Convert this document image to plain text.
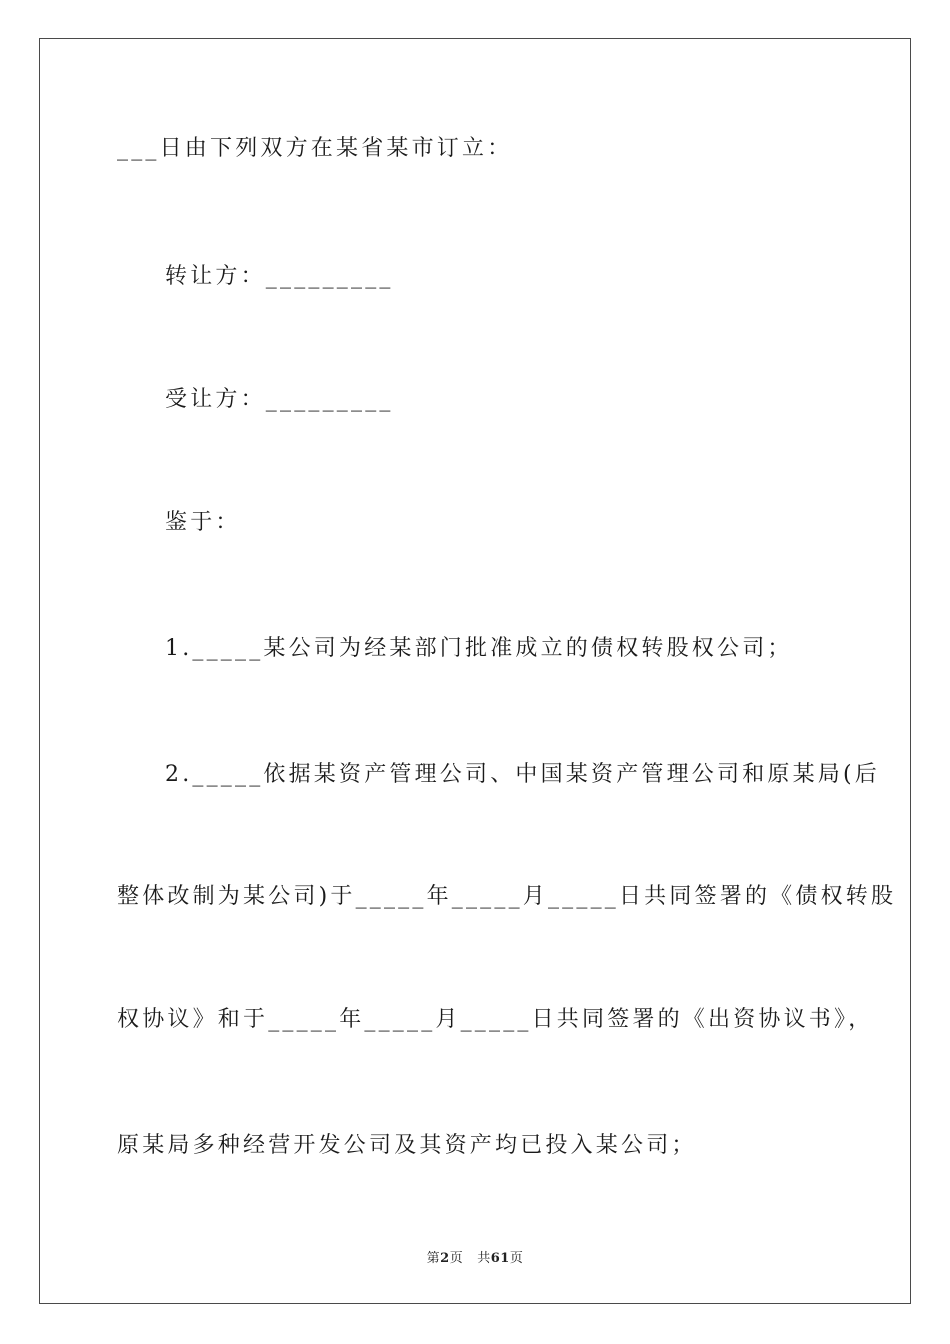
___日由下列双方在某省某市订立：
转让方：_________
受让方：_________
鉴于：
1._____某公司为经某部门批准成立的债权转股权公司；
2._____依据某资产管理公司、中国某资产管理公司和原某局(后
整体改制为某公司)于_____年_____月_____日共同签署的《债权转股
权协议》和于_____年_____月_____日共同签署的《出资协议书》，
原某局多种经营开发公司及其资产均已投入某公司；
第2页 共61页
